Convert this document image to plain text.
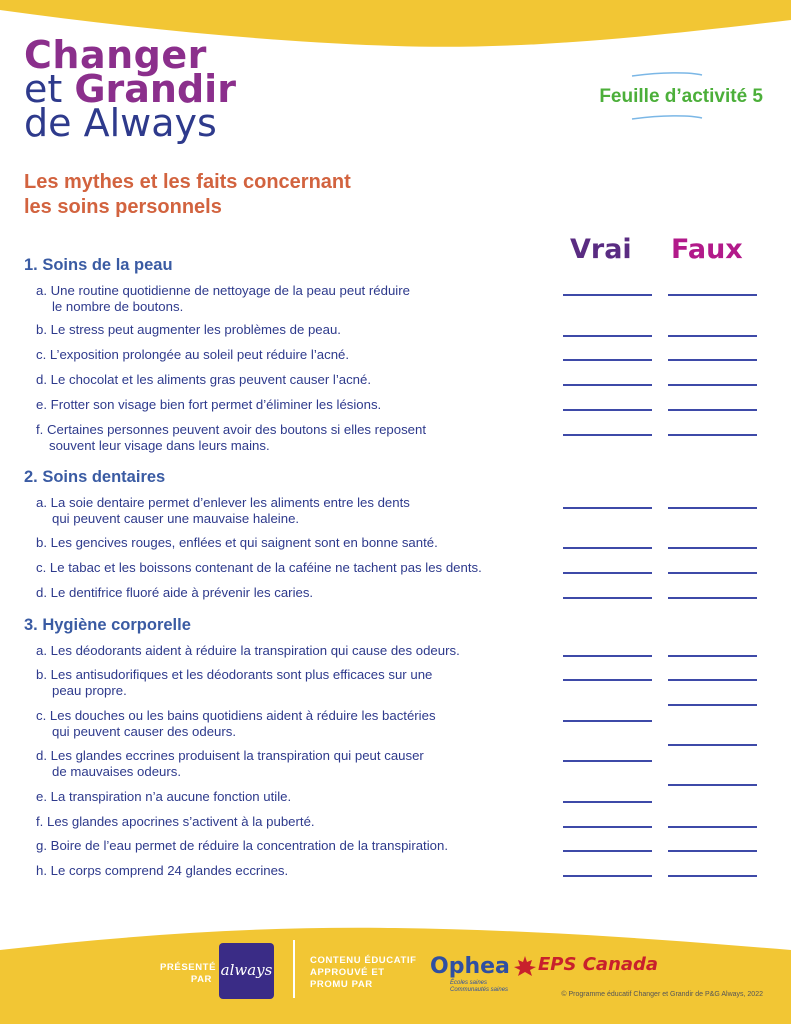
Changer
et Grandir
de Always
Feuille d’activité 5
Les mythes et les faits concernant
les soins personnels
Vrai Faux
1. Soins de la peau
a. Une routine quotidienne de nettoyage de la peau peut réduire
le nombre de boutons.
b. Le stress peut augmenter les problèmes de peau.
c. L’exposition prolongée au soleil peut réduire l’acné.
d. Le chocolat et les aliments gras peuvent causer l’acné.
e. Frotter son visage bien fort permet d’éliminer les lésions.
f. Certaines personnes peuvent avoir des boutons si elles reposent
souvent leur visage dans leurs mains.
2. Soins dentaires
a. La soie dentaire permet d’enlever les aliments entre les dents
qui peuvent causer une mauvaise haleine.
b. Les gencives rouges, enflées et qui saignent sont en bonne santé.
c. Le tabac et les boissons contenant de la caféine ne tachent pas les dents.
d. Le dentifrice fluoré aide à prévenir les caries.
3. Hygiène corporelle
a. Les déodorants aident à réduire la transpiration qui cause des odeurs.
b. Les antisudorifiques et les déodorants sont plus efficaces sur une
peau propre.
c. Les douches ou les bains quotidiens aident à réduire les bactéries
qui peuvent causer des odeurs.
d. Les glandes eccrines produisent la transpiration qui peut causer
de mauvaises odeurs.
e. La transpiration n’a aucune fonction utile.
f. Les glandes apocrines s’activent à la puberté.
g. Boire de l’eau permet de réduire la concentration de la transpiration.
h. Le corps comprend 24 glandes eccrines.
PRÉSENTÉ
PAR
always
CONTENU ÉDUCATIF
APPROUVÉ ET
PROMU PAR
Ophea
Écoles saines
Communautés saines
EPS Canada
© Programme éducatif Changer et Grandir de P&G Always, 2022
